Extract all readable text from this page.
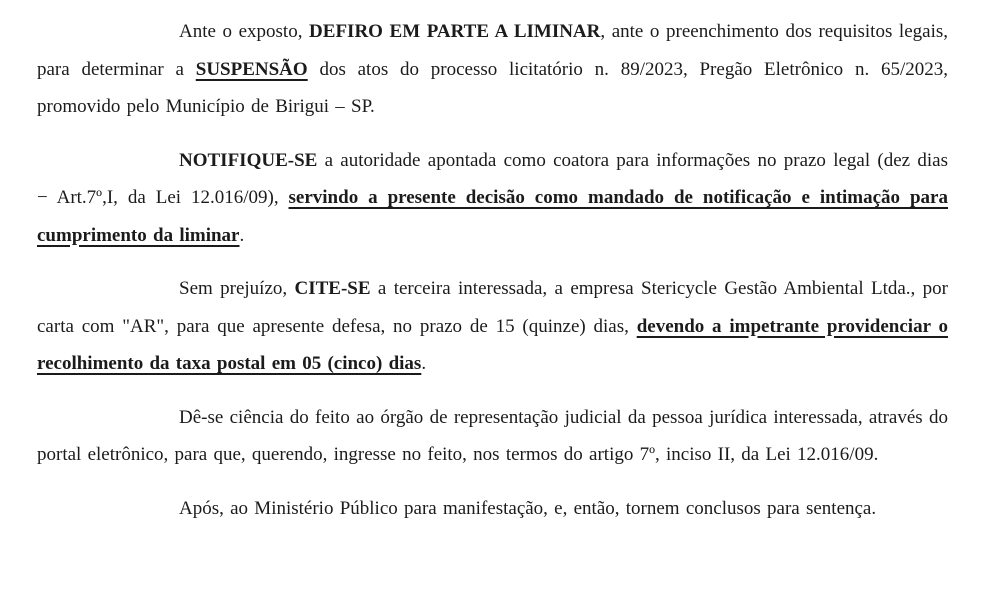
Ante o exposto, DEFIRO EM PARTE A LIMINAR, ante o preenchimento dos requisitos legais, para determinar a SUSPENSÃO dos atos do processo licitatório n. 89/2023, Pregão Eletrônico n. 65/2023, promovido pelo Município de Birigui – SP.

NOTIFIQUE-SE a autoridade apontada como coatora para informações no prazo legal (dez dias − Art.7º,I, da Lei 12.016/09), servindo a presente decisão como mandado de notificação e intimação para cumprimento da liminar.

Sem prejuízo, CITE-SE a terceira interessada, a empresa Stericycle Gestão Ambiental Ltda., por carta com "AR", para que apresente defesa, no prazo de 15 (quinze) dias, devendo a impetrante providenciar o recolhimento da taxa postal em 05 (cinco) dias.

Dê-se ciência do feito ao órgão de representação judicial da pessoa jurídica interessada, através do portal eletrônico, para que, querendo, ingresse no feito, nos termos do artigo 7º, inciso II, da Lei 12.016/09.

Após, ao Ministério Público para manifestação, e, então, tornem conclusos para sentença.
